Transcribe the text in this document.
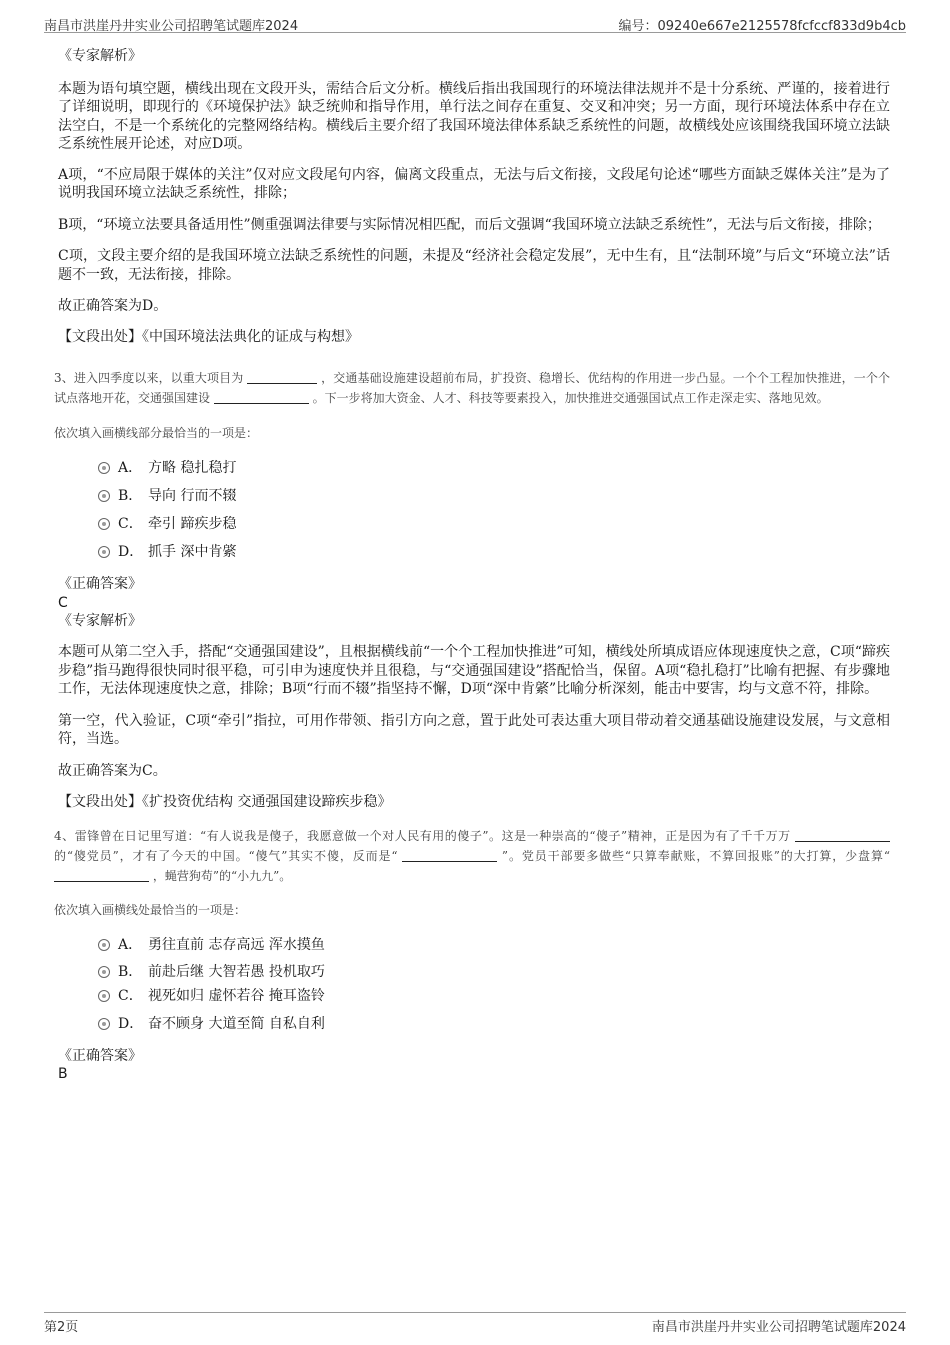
南昌市洪崖丹井实业公司招聘笔试题库2024	编号：09240e667e2125578fcfccf833d9b4cb
《专家解析》

本题为语句填空题，横线出现在文段开头，需结合后文分析。横线后指出我国现行的环境法律法规并不是十分系统、严谨的，接着进行了详细说明，即现行的《环境保护法》缺乏统帅和指导作用，单行法之间存在重复、交叉和冲突；另一方面，现行环境法体系中存在立法空白，不是一个系统化的完整网络结构。横线后主要介绍了我国环境法律体系缺乏系统性的问题，故横线处应该围绕我国环境立法缺乏系统性展开论述，对应D项。

A项，“不应局限于媒体的关注”仅对应文段尾句内容，偏离文段重点，无法与后文衔接，文段尾句论述“哪些方面缺乏媒体关注”是为了说明我国环境立法缺乏系统性，排除；

B项，“环境立法要具备适用性”侧重强调法律要与实际情况相匹配，而后文强调“我国环境立法缺乏系统性”，无法与后文衔接，排除；

C项，文段主要介绍的是我国环境立法缺乏系统性的问题，未提及“经济社会稳定发展”，无中生有，且“法制环境”与后文“环境立法”话题不一致，无法衔接，排除。

故正确答案为D。

【文段出处】《中国环境法法典化的证成与构想》

3、进入四季度以来，以重大项目为	，交通基础设施建设超前布局，扩投资、稳增长、优结构的作用进一步凸显。一个个工程加快推进，一个个试点落地开花，交通强国建设	。下一步将加大资金、人才、科技等要素投入，加快推进交通强国试点工作走深走实、落地见效。

依次填入画横线部分最恰当的一项是：

A． 方略 稳扎稳打
B． 导向 行而不辍
C． 牵引 蹄疾步稳
D． 抓手 深中肯綮

《正确答案》

C

《专家解析》

本题可从第二空入手，搭配“交通强国建设”，且根据横线前“一个个工程加快推进”可知，横线处所填成语应体现速度快之意，C项“蹄疾步稳”指马跑得很快同时很平稳，可引申为速度快并且很稳，与“交通强国建设”搭配恰当，保留。A项“稳扎稳打”比喻有把握、有步骤地工作，无法体现速度快之意，排除；B项“行而不辍”指坚持不懈，D项“深中肯綮”比喻分析深刻，能击中要害，均与文意不符，排除。

第一空，代入验证，C项“牵引”指拉，可用作带领、指引方向之意，置于此处可表达重大项目带动着交通基础设施建设发展，与文意相符，当选。

故正确答案为C。

【文段出处】《扩投资优结构 交通强国建设蹄疾步稳》

4、雷锋曾在日记里写道：“有人说我是傻子，我愿意做一个对人民有用的傻子”。这是一种崇高的“傻子”精神，正是因为有了千千万万  的“傻党员”，才有了今天的中国。“傻气”其实不傻，反而是“	”。党员干部要多做些“只算奉献账，不算回报账”的大打算，少盘算“  ，蝇营狗苟”的“小九九”。

依次填入画横线处最恰当的一项是：

A． 勇往直前 志存高远 浑水摸鱼
B． 前赴后继 大智若愚 投机取巧
C． 视死如归 虚怀若谷 掩耳盗铃
D． 奋不顾身 大道至简 自私自利

《正确答案》

B

第2页	南昌市洪崖丹井实业公司招聘笔试题库2024
